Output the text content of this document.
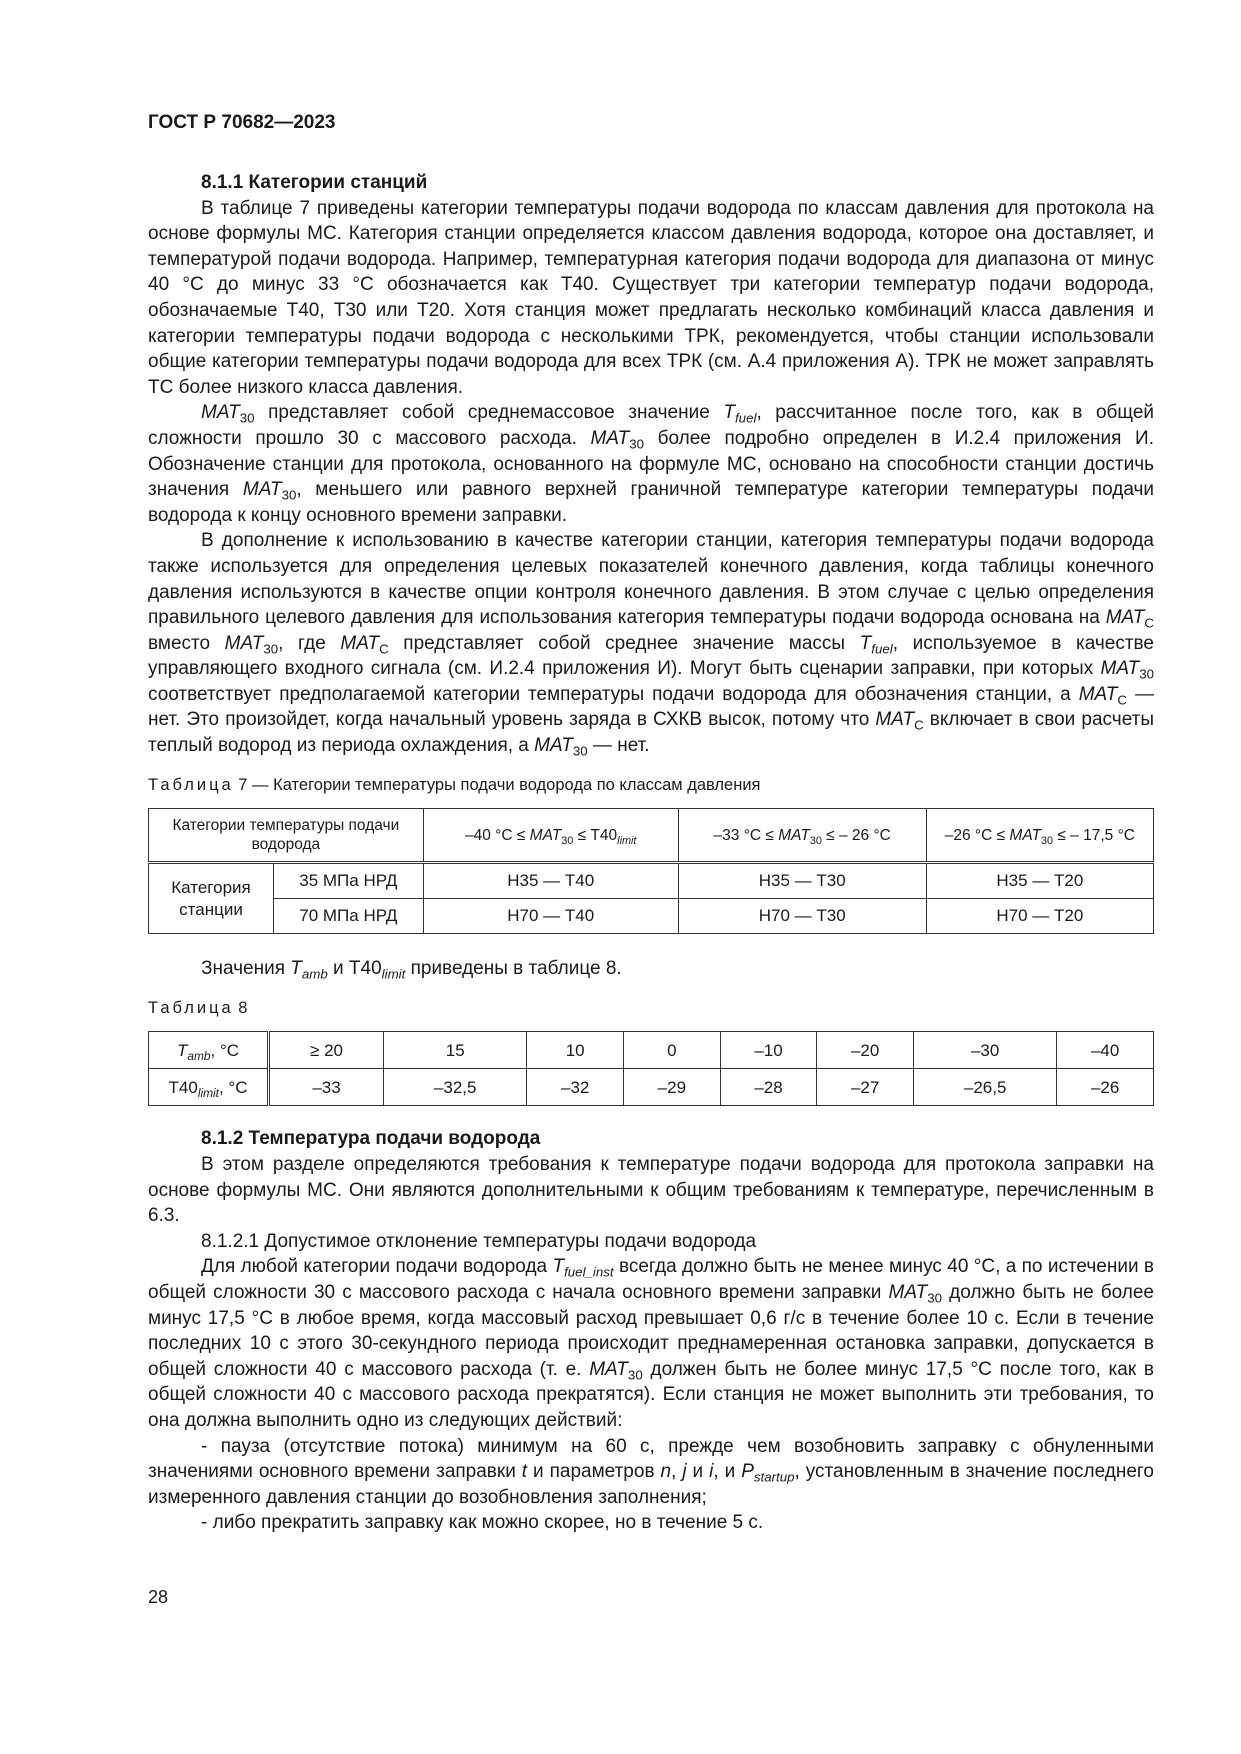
ГОСТ Р 70682—2023
8.1.1 Категории станций

В таблице 7 приведены категории температуры подачи водорода по классам давления для протокола на основе формулы МС. Категория станции определяется классом давления водорода, которое она доставляет, и температурой подачи водорода. Например, температурная категория подачи водорода для диапазона от минус 40 °С до минус 33 °С обозначается как Т40. Существует три категории температур подачи водорода, обозначаемые Т40, Т30 или Т20. Хотя станция может предлагать несколько комбинаций класса давления и категории температуры подачи водорода с несколькими ТРК, рекомендуется, чтобы станции использовали общие категории температуры подачи водорода для всех ТРК (см. А.4 приложения А). ТРК не может заправлять ТС более низкого класса давления.

$MAT_{30}$ представляет собой среднемассовое значение $T_{fuel}$, рассчитанное после того, как в общей сложности прошло 30 с массового расхода. $MAT_{30}$ более подробно определен в И.2.4 приложения И. Обозначение станции для протокола, основанного на формуле МС, основано на способности станции достичь значения $MAT_{30}$, меньшего или равного верхней граничной температуре категории температуры подачи водорода к концу основного времени заправки.

В дополнение к использованию в качестве категории станции, категория температуры подачи водорода также используется для определения целевых показателей конечного давления, когда таблицы конечного давления используются в качестве опции контроля конечного давления. В этом случае с целью определения правильного целевого давления для использования категория температуры подачи водорода основана на $MAT_C$ вместо $MAT_{30}$, где $MAT_C$ представляет собой среднее значение массы $T_{fuel}$, используемое в качестве управляющего входного сигнала (см. И.2.4 приложения И). Могут быть сценарии заправки, при которых $MAT_{30}$ соответствует предполагаемой категории температуры подачи водорода для обозначения станции, а $MAT_C$ — нет. Это произойдет, когда начальный уровень заряда в СХКВ высок, потому что $MAT_C$ включает в свои расчеты теплый водород из периода охлаждения, а $MAT_{30}$ — нет.

Таблица 7 — Категории температуры подачи водорода по классам давления
Категории температуры подачи водорода		–40 $^\circ С \le MAT_{30} \le Т40_{limit}$	–33 $^\circ С \le MAT_{30}$ ≤ – 26 °С	–26 $^\circ С \le MAT_{30}$ ≤ – 17,5 °С
Категория станции	35 МПа НРД	Н35 — Т40	Н35 — Т30	Н35 — Т20
	70 МПа НРД	Н70 — Т40	Н70 — Т30	Н70 — Т20

Значения $T_{amb}$ и $Т40_{limit}$ приведены в таблице 8.

Таблица 8
$T_{amb}$, °С	≥ 20	15	10	0	–10	–20	–30	–40
$Т40_{limit}$, °С	–33	–32,5	–32	–29	–28	–27	–26,5	–26
8.1.2 Температура подачи водорода

В этом разделе определяются требования к температуре подачи водорода для протокола заправки на основе формулы МС. Они являются дополнительными к общим требованиям к температуре, перечисленным в 6.3.

8.1.2.1 Допустимое отклонение температуры подачи водорода

Для любой категории подачи водорода $T_{fuel\_inst}$ всегда должно быть не менее минус 40 °С, а по истечении в общей сложности 30 с массового расхода с начала основного времени заправки $MAT_{30}$ должно быть не более минус 17,5 °С в любое время, когда массовый расход превышает 0,6 г/с в течение более 10 с. Если в течение последних 10 с этого 30-секундного периода происходит преднамеренная остановка заправки, допускается в общей сложности 40 с массового расхода (т. е. $MAT_{30}$ должен быть не более минус 17,5 °С после того, как в общей сложности 40 с массового расхода прекратятся). Если станция не может выполнить эти требования, то она должна выполнить одно из следующих действий:

- пауза (отсутствие потока) минимум на 60 с, прежде чем возобновить заправку с обнуленными значениями основного времени заправки t и параметров n, j и i, и $P_{startup}$, установленным в значение последнего измеренного давления станции до возобновления заполнения;

- либо прекратить заправку как можно скорее, но в течение 5 с.

28
